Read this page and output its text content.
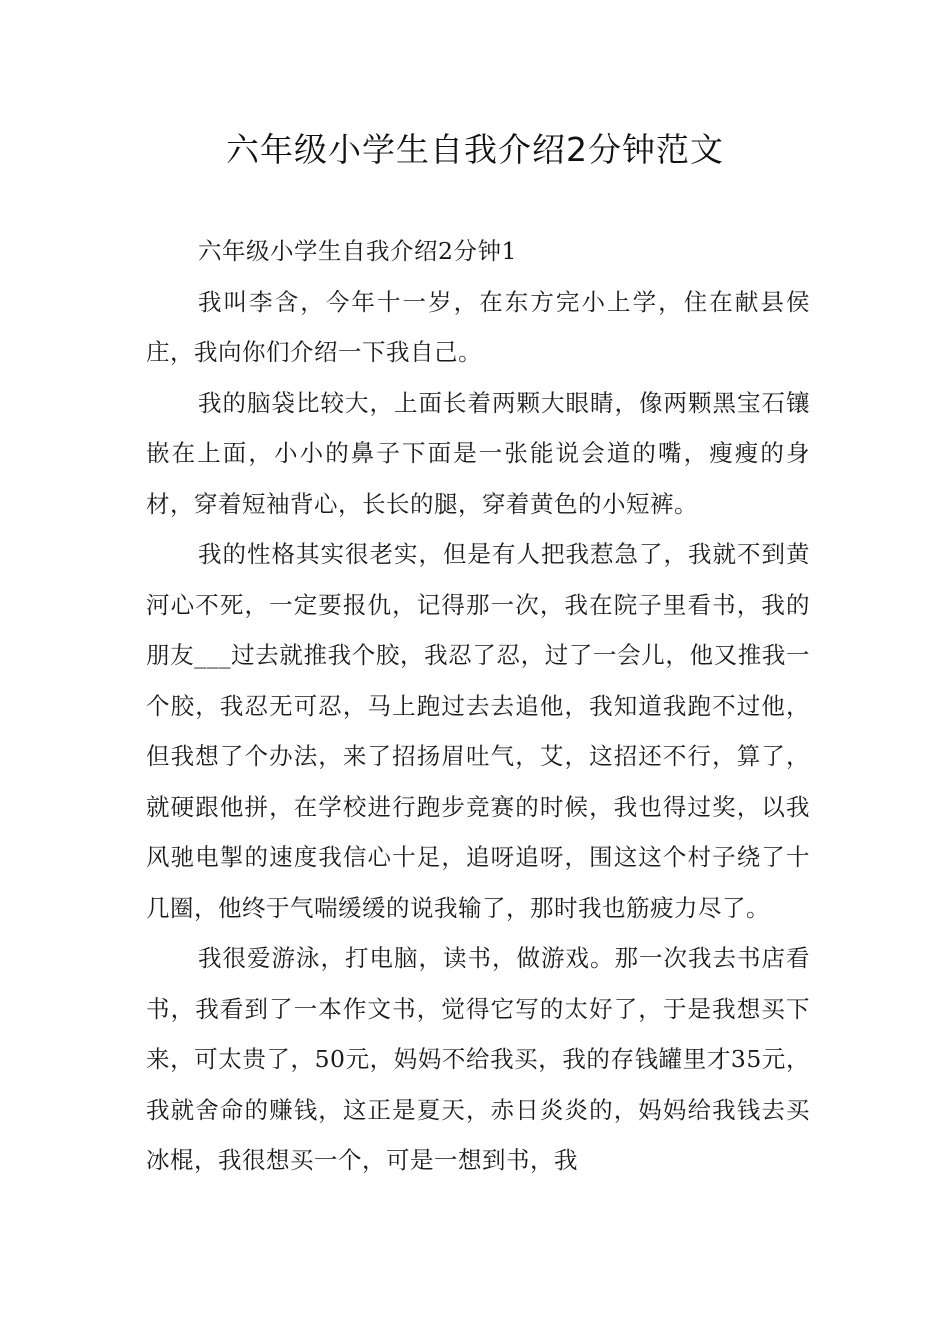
六年级小学生自我介绍2分钟范文

六年级小学生自我介绍2分钟1

我叫李含，今年十一岁，在东方完小上学，住在献县侯庄，我向你们介绍一下我自己。

我的脑袋比较大，上面长着两颗大眼睛，像两颗黑宝石镶嵌在上面，小小的鼻子下面是一张能说会道的嘴，瘦瘦的身材，穿着短袖背心，长长的腿，穿着黄色的小短裤。

我的性格其实很老实，但是有人把我惹急了，我就不到黄河心不死，一定要报仇，记得那一次，我在院子里看书，我的朋友___过去就推我个胶，我忍了忍，过了一会儿，他又推我一个胶，我忍无可忍，马上跑过去去追他，我知道我跑不过他，但我想了个办法，来了招扬眉吐气，艾，这招还不行，算了，就硬跟他拼，在学校进行跑步竞赛的时候，我也得过奖，以我风驰电掣的速度我信心十足，追呀追呀，围这这个村子绕了十几圈，他终于气喘缓缓的说我输了，那时我也筋疲力尽了。

我很爱游泳，打电脑，读书，做游戏。那一次我去书店看书，我看到了一本作文书，觉得它写的太好了，于是我想买下来，可太贵了，50元，妈妈不给我买，我的存钱罐里才35元，我就舍命的赚钱，这正是夏天，赤日炎炎的，妈妈给我钱去买冰棍，我很想买一个，可是一想到书，我
